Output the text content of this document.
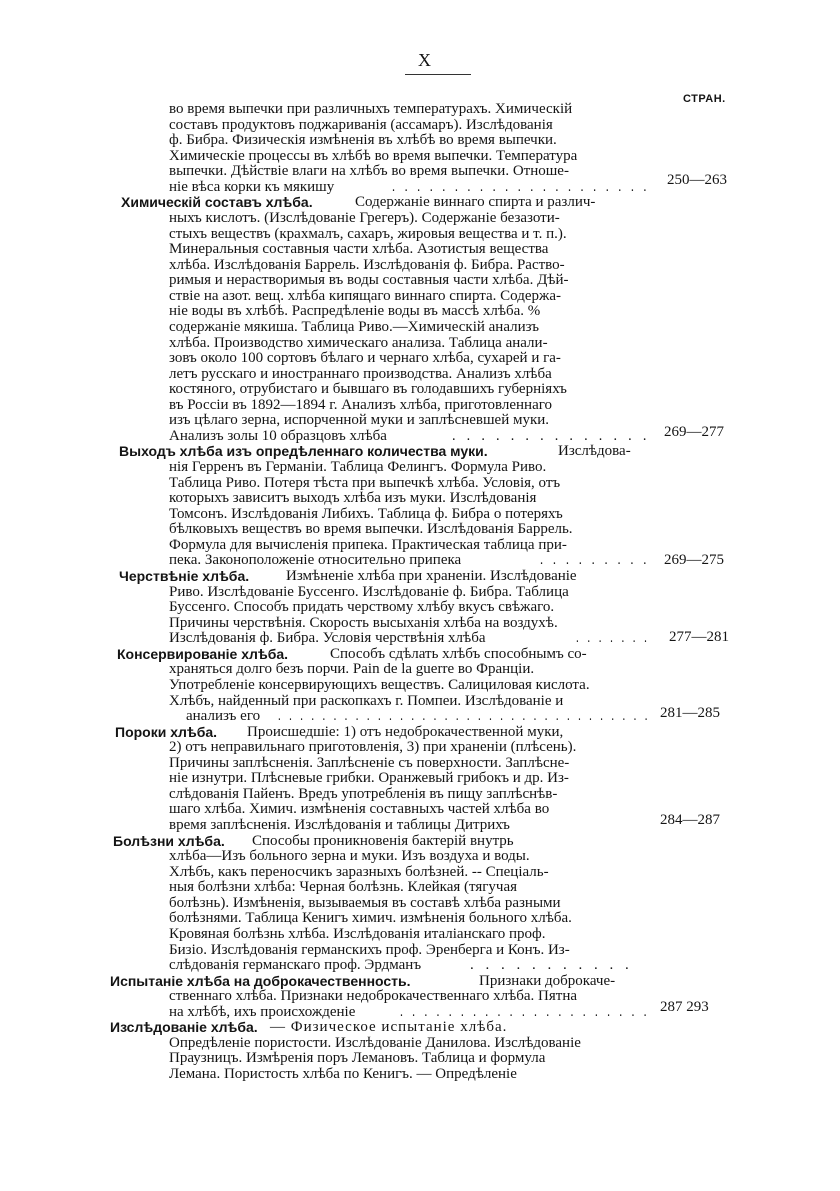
X
СТРАН.
во время выпечки при различныхъ температурахъ. Химическій
составъ продуктовъ поджариванія (ассамаръ). Изслѣдованія
ф. Бибра. Физическія измѣненія въ хлѣбѣ во время выпечки.
Химическіе процессы въ хлѣбѣ во время выпечки. Температура
выпечки. Дѣйствіе влаги на хлѣбъ во время выпечки. Отноше-
ніе вѣса корки къ мякишу	. . . . . . . . . . . . . . . . . . . . . 250—263
Химическій составъ хлѣба.	Содержаніе виннаго спирта и различ-
ныхъ кислотъ. (Изслѣдованіе Грегеръ). Содержаніе безазоти-
стыхъ веществъ (крахмалъ, сахаръ, жировыя вещества и т. п.).
Минеральныя составныя части хлѣба. Азотистыя вещества
хлѣба. Изслѣдованія Баррель. Изслѣдованія ф. Бибра. Раство-
римыя и нерастворимыя въ воды составныя части хлѣба. Дѣй-
ствіе на азот. вещ. хлѣба кипящаго виннаго спирта. Содержа-
ніе воды въ хлѣбѣ. Распредѣленіе воды въ массѣ хлѣба. %
содержаніе мякиша. Таблица Риво.—Химическій анализъ
хлѣба. Производство химическаго анализа. Таблица анали-
зовъ около 100 сортовъ бѣлаго и чернаго хлѣба, сухарей и га-
летъ русскаго и иностраннаго производства. Анализъ хлѣба
костяного, отрубистаго и бывшаго въ голодавшихъ губерніяхъ
въ Россіи въ 1892—1894 г. Анализъ хлѣба, приготовленнаго
изъ цѣлаго зерна, испорченной муки и заплѣсневшей муки.
Анализъ золы 10 образцовъ хлѣба	. . . . . . . . . . . . . . 269—277
Выходъ хлѣба изъ опредѣленнаго количества муки.	Изслѣдова-
нія Герренъ въ Германіи. Таблица Фелингъ. Формула Риво.
Таблица Риво. Потеря тѣста при выпечкѣ хлѣба. Условія, отъ
которыхъ зависитъ выходъ хлѣба изъ муки. Изслѣдованія
Томсонъ. Изслѣдованія Либихъ. Таблица ф. Бибра о потеряхъ
бѣлковыхъ веществъ во время выпечки. Изслѣдованія Баррель.
Формула для вычисленія припека. Практическая таблица при-
пека. Законоположеніе относительно припека	. . . . . . . . . 269—275
Черствѣніе хлѣба. Измѣненіе хлѣба при храненіи. Изслѣдованіе
Риво. Изслѣдованіе Буссенго. Изслѣдованіе ф. Бибра. Таблица
Буссенго. Способъ придать черствому хлѣбу вкусъ свѣжаго.
Причины черствѣнія. Скорость высыханія хлѣба на воздухѣ.
Изслѣдованія ф. Бибра. Условія черствѣнія хлѣба	. . . . . . . 277—281
Консервированіе хлѣба.	Способъ сдѣлать хлѣбъ способнымъ со-
храняться долго безъ порчи. Pain de la guerre во Франціи.
Употребленіе консервирующихъ веществъ. Салициловая кислота.
Хлѣбъ, найденный при раскопкахъ г. Помпеи. Изслѣдованіе и
анализъ его . . . . . . . . . . . . . . . . . . . . . . . . . . . . . . . . . . 281—285
Пороки хлѣба. Происшедшіе: 1) отъ недоброкачественной муки,
2) отъ неправильнаго приготовленія, 3) при храненіи (плѣсень).
Причины заплѣсненія. Заплѣсненіе съ поверхности. Заплѣсне-
ніе изнутри. Плѣсневые грибки. Оранжевый грибокъ и др. Из-
слѣдованія Пайенъ. Вредъ употребленія въ пищу заплѣснѣв-
шаго хлѣба. Химич. измѣненія составныхъ частей хлѣба во
время заплѣсненія. Изслѣдованія и таблицы Дитрихъ	284—287
Болѣзни хлѣба. Способы проникновенія бактерій внутрь
хлѣба—Изъ больного зерна и муки. Изъ воздуха и воды.
Хлѣбъ, какъ переносчикъ заразныхъ болѣзней. -- Спеціаль-
ныя болѣзни хлѣба: Черная болѣзнь. Клейкая (тягучая
болѣзнь). Измѣненія, вызываемыя въ составѣ хлѣба разными
болѣзнями. Таблица Кенигъ химич. измѣненія больного хлѣба.
Кровяная болѣзнь хлѣба. Изслѣдованія италіанскаго проф.
Бизіо. Изслѣдованія германскихъ проф. Эренберга и Конъ. Из-
слѣдованія германскаго проф. Эрдманъ	. . . . . . . . . . .
Испытаніе хлѣба на доброкачественность.	Признаки доброкаче-
ственнаго хлѣба. Признаки недоброкачественнаго хлѣба. Пятна
на хлѣбѣ, ихъ происхожденіе	. . . . . . . . . . . . . . . . . . . . . 287 293
Изслѣдованіе хлѣба. — Физическое испытаніе хлѣба.
Опредѣленіе пористости. Изслѣдованіе Данилова. Изслѣдованіе
Праузницъ. Измѣренія поръ Лемановъ. Таблица и формула
Лемана. Пористость хлѣба по Кенигъ. — Опредѣленіе
